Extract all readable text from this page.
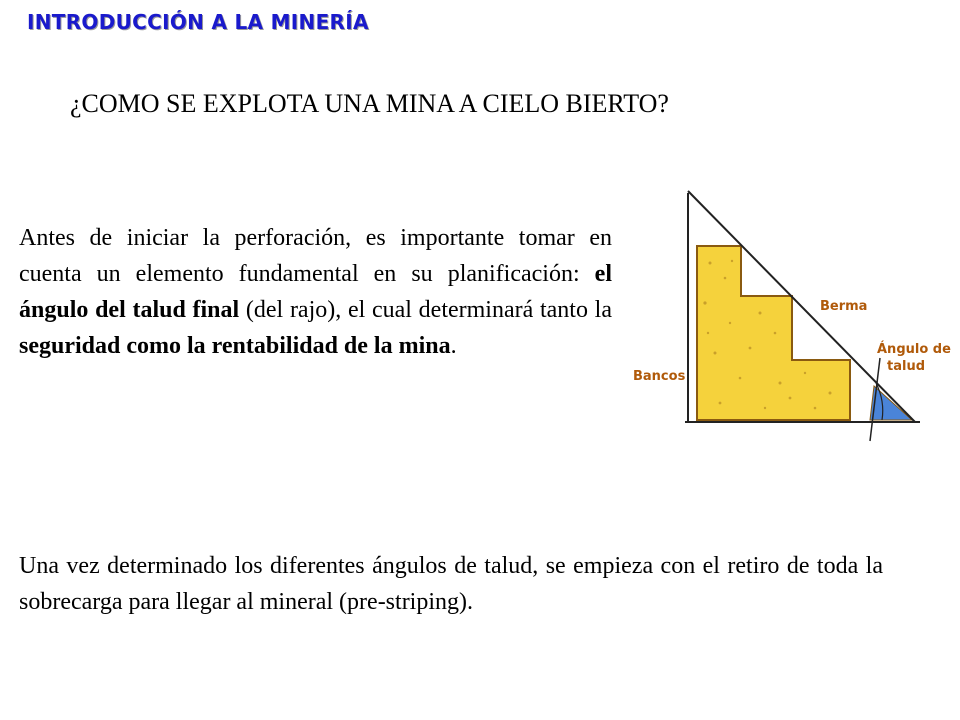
INTRODUCCIÓN A LA MINERÍA
¿COMO SE EXPLOTA UNA MINA A CIELO BIERTO?

Antes de iniciar la perforación, es importante tomar en cuenta un elemento fundamental en su planificación: el ángulo del talud final (del rajo), el cual determinará tanto la seguridad como la rentabilidad de la mina.

Una vez determinado los diferentes ángulos de talud, se empieza con el retiro de toda la sobrecarga para llegar al mineral (pre-striping).

Berma
Ángulo de
talud
Bancos
